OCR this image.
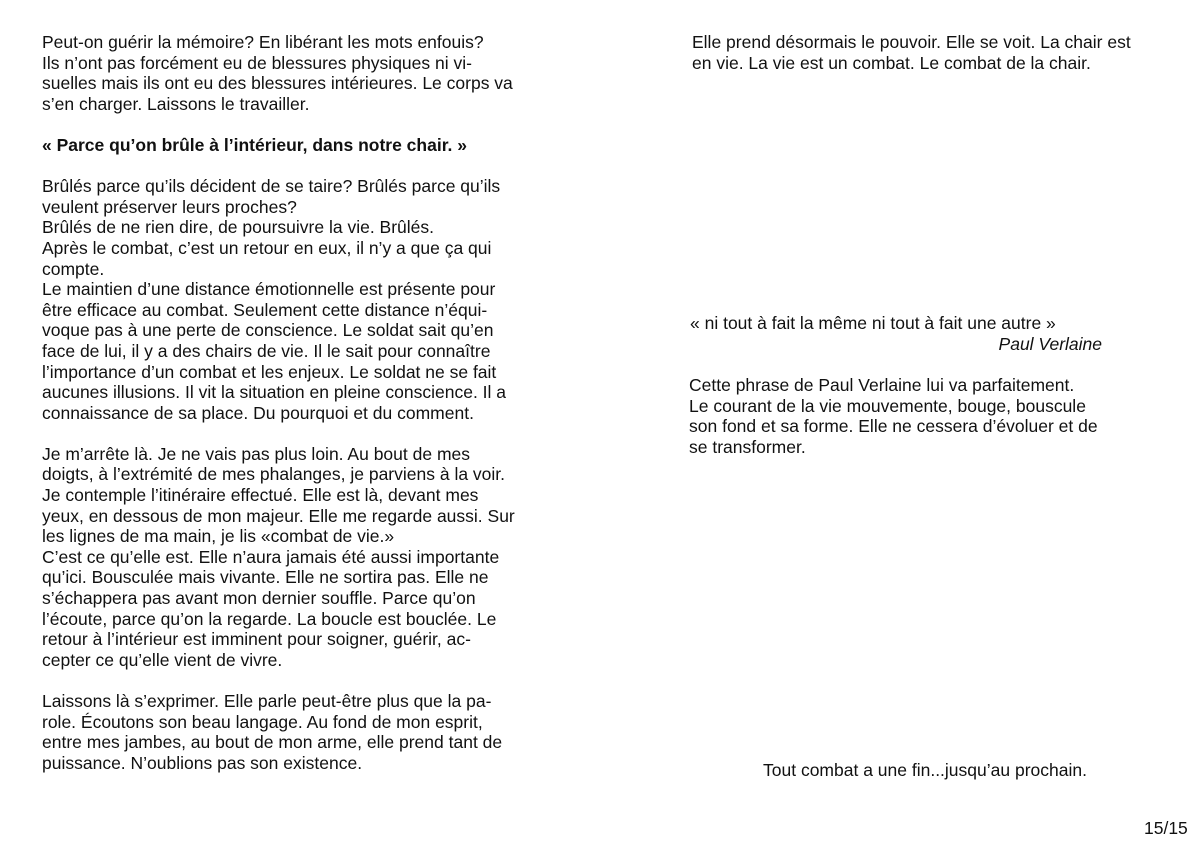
Peut-on guérir la mémoire? En libérant les mots enfouis?
Ils n’ont pas forcément eu de blessures physiques ni vi-
suelles mais ils ont eu des blessures intérieures. Le corps va
s’en charger. Laissons le travailler.

« Parce qu’on brûle à l’intérieur, dans notre chair. »

Brûlés parce qu’ils décident de se taire? Brûlés parce qu’ils
veulent préserver leurs proches?
Brûlés de ne rien dire, de poursuivre la vie. Brûlés.
Après le combat, c’est un retour en eux, il n’y a que ça qui
compte.
Le maintien d’une distance émotionnelle est présente pour
être efficace au combat. Seulement cette distance n’équi-
voque pas à une perte de conscience. Le soldat sait qu’en
face de lui, il y a des chairs de vie. Il le sait pour connaître
l’importance d’un combat et les enjeux. Le soldat ne se fait
aucunes illusions. Il vit la situation en pleine conscience. Il a
connaissance de sa place. Du pourquoi et du comment.

Je m’arrête là. Je ne vais pas plus loin. Au bout de mes
doigts, à l’extrémité de mes phalanges, je parviens à la voir.
Je contemple l’itinéraire effectué. Elle est là, devant mes
yeux, en dessous de mon majeur. Elle me regarde aussi. Sur
les lignes de ma main, je lis «combat de vie.»
C’est ce qu’elle est. Elle n’aura jamais été aussi importante
qu’ici. Bousculée mais vivante. Elle ne sortira pas. Elle ne
s’échappera pas avant mon dernier souffle. Parce qu’on
l’écoute, parce qu’on la regarde. La boucle est bouclée. Le
retour à l’intérieur est imminent pour soigner, guérir, ac-
cepter ce qu’elle vient de vivre.

Laissons là s’exprimer. Elle parle peut-être plus que la pa-
role. Écoutons son beau langage. Au fond de mon esprit,
entre mes jambes, au bout de mon arme, elle prend tant de
puissance. N’oublions pas son existence.

Elle prend désormais le pouvoir. Elle se voit. La chair est
en vie. La vie est un combat. Le combat de la chair.
« ni tout à fait la même ni tout à fait une autre »
Paul Verlaine
Cette phrase de Paul Verlaine lui va parfaitement.
Le courant de la vie mouvemente, bouge, bouscule
son fond et sa forme. Elle ne cessera d’évoluer et de
se transformer.
Tout combat a une fin...jusqu’au prochain.
15/15
